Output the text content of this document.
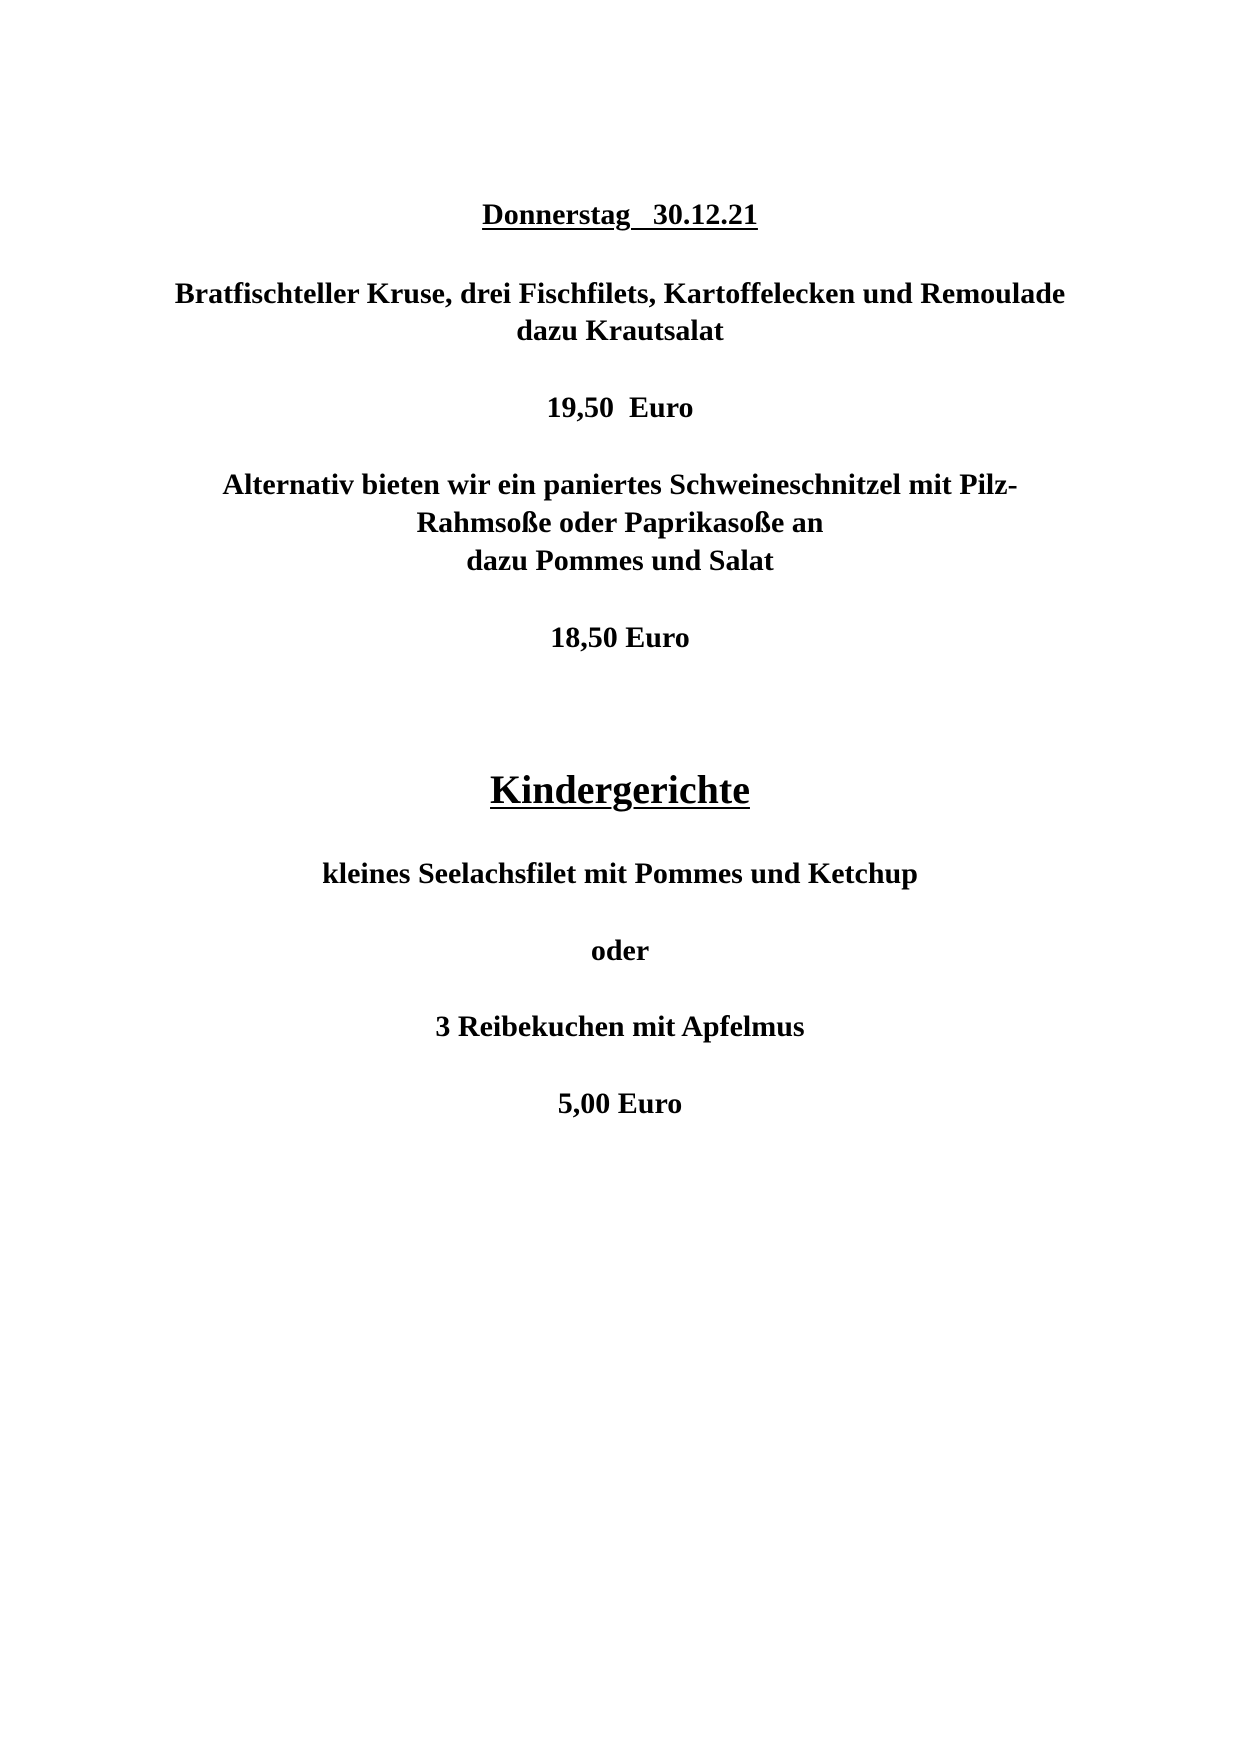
Donnerstag   30.12.21
Bratfischteller Kruse, drei Fischfilets, Kartoffelecken und Remoulade
dazu Krautsalat
19,50  Euro
Alternativ bieten wir ein paniertes Schweineschnitzel mit Pilz-
Rahmsoße oder Paprikasoße an
dazu Pommes und Salat
18,50 Euro
Kindergerichte
kleines Seelachsfilet mit Pommes und Ketchup
oder
3 Reibekuchen mit Apfelmus
5,00 Euro
